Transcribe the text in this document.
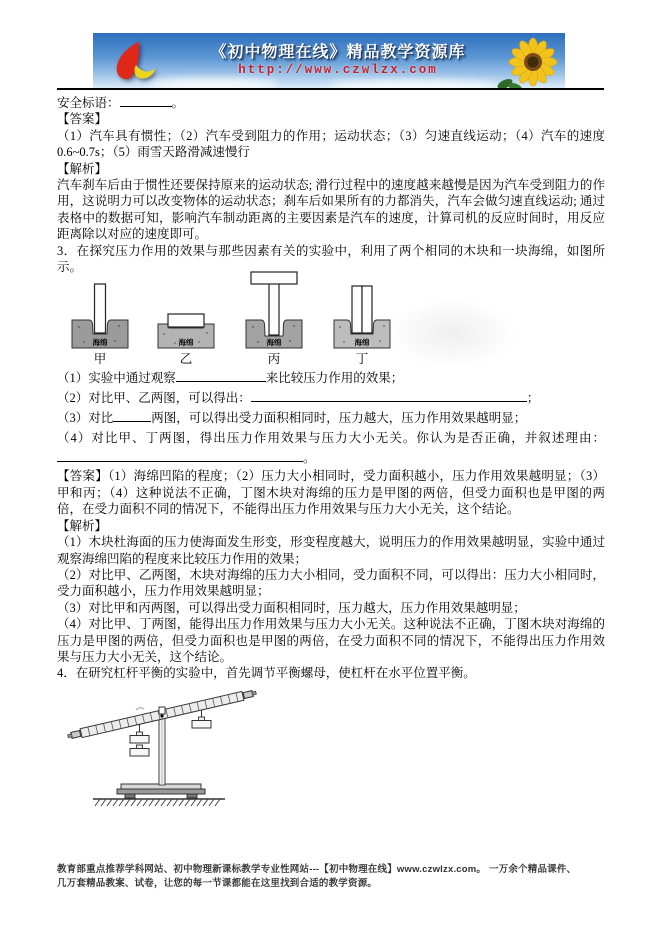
《初中物理在线》精品教学资源库
http://www.czwlzx.com
安全标语：	。
【答案】

（1）汽车具有惯性；（2）汽车受到阻力的作用；运动状态；（3）匀速直线运动；（4）汽车的速度0.6~0.7s；（5）雨雪天路滑减速慢行

【解析】

汽车刹车后由于惯性还要保持原来的运动状态; 滑行过程中的速度越来越慢是因为汽车受到阻力的作用，这说明力可以改变物体的运动状态；刹车后如果所有的力都消失，汽车会做匀速直线运动; 通过表格中的数据可知，影响汽车制动距离的主要因素是汽车的速度，计算司机的反应时间时，用反应距离除以对应的速度即可。

3．在探究压力作用的效果与那些因素有关的实验中，利用了两个相同的木块和一块海绵，如图所示。

海绵
甲
海绵
乙
海绵
丙
海绵
丁
（1）实验中通过观察	来比较压力作用的效果；
（2）对比甲、乙两图，可以得出：	；
（3）对比	两图，可以得出受力面积相同时，压力越大，压力作用效果越明显；
（4）对比甲、丁两图，得出压力作用效果与压力大小无关。你认为是否正确，并叙述理由：。

【答案】（1）海绵凹陷的程度；（2）压力大小相同时，受力面积越小，压力作用效果越明显；（3）甲和丙；（4）这种说法不正确，丁图木块对海绵的压力是甲图的两倍，但受力面积也是甲图的两倍，在受力面积不同的情况下，不能得出压力作用效果与压力大小无关，这个结论。

【解析】

（1）木块杜海面的压力使海面发生形变，形变程度越大，说明压力的作用效果越明显，实验中通过观察海绵凹陷的程度来比较压力作用的效果；

（2）对比甲、乙两图，木块对海绵的压力大小相同，受力面积不同，可以得出：压力大小相同时，受力面积越小，压力作用效果越明显；

（3）对比甲和丙两图，可以得出受力面积相同时，压力越大，压力作用效果越明显；

（4）对比甲、丁两图，能得出压力作用效果与压力大小无关。这种说法不正确，丁图木块对海绵的压力是甲图的两倍，但受力面积也是甲图的两倍，在受力面积不同的情况下，不能得出压力作用效果与压力大小无关，这个结论。

4．在研究杠杆平衡的实验中，首先调节平衡螺母，使杠杆在水平位置平衡。

教育部重点推荐学科网站、初中物理新课标教学专业性网站---【初中物理在线】www.czwlzx.com。 一万余个精品课件、
几万套精品教案、试卷，让您的每一节课都能在这里找到合适的教学资源。
